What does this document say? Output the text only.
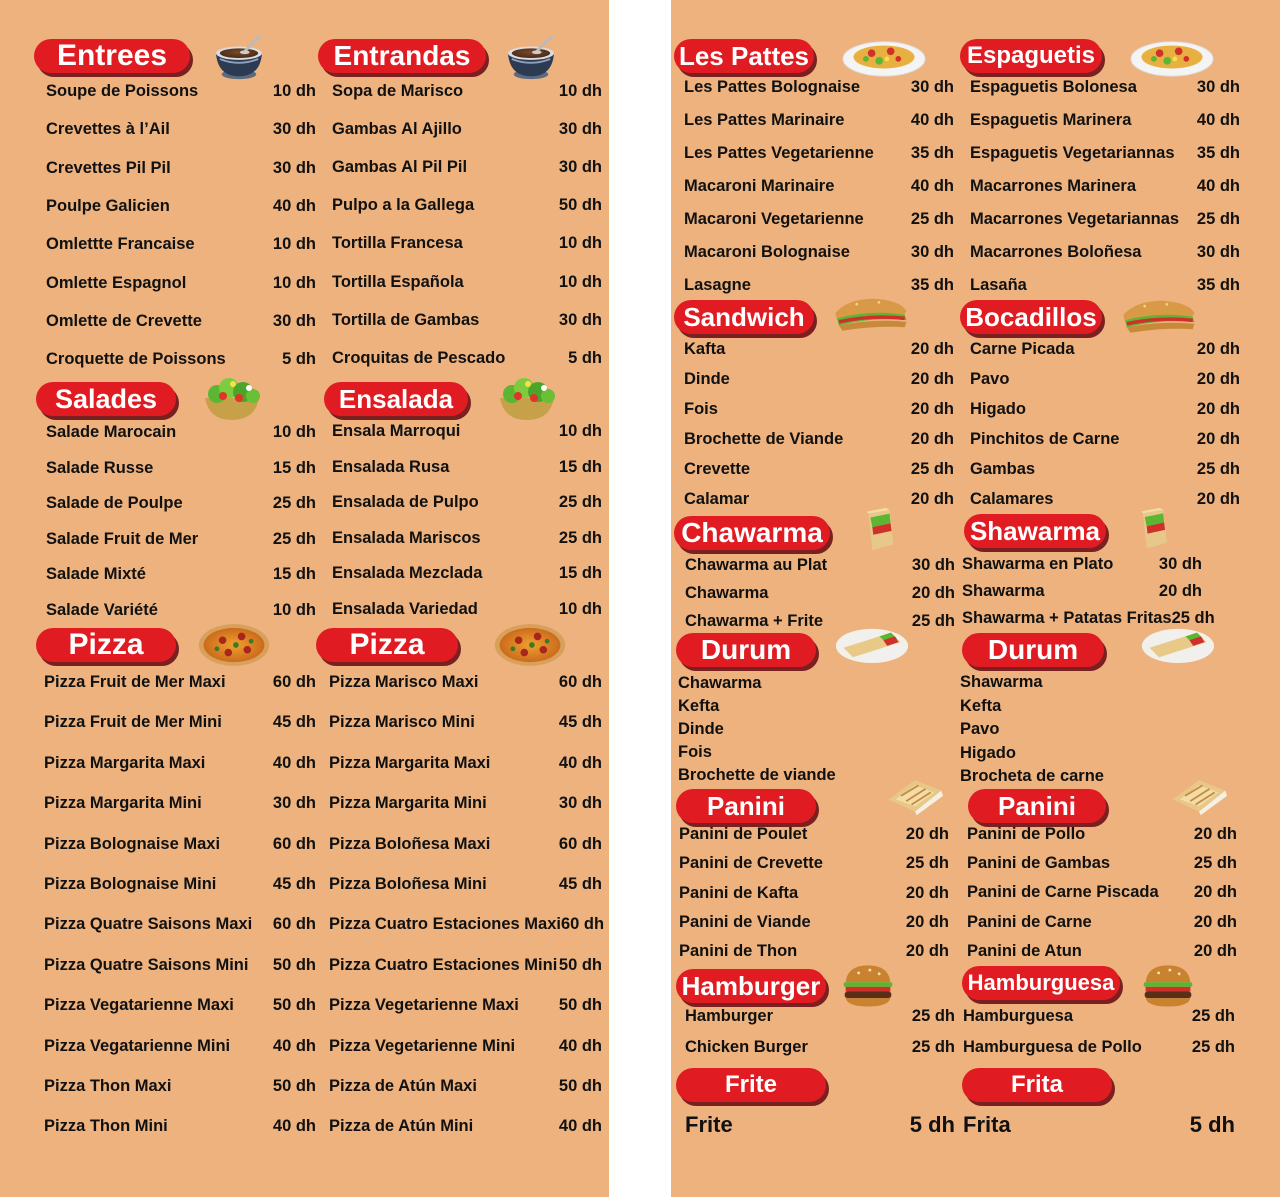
Entrees
Soupe de Poissons	10 dh
Crevettes à l’Ail	30 dh
Crevettes Pil Pil	30 dh
Poulpe Galicien	40 dh
Omlettte Francaise	10 dh
Omlette Espagnol	10 dh
Omlette de Crevette	30 dh
Croquette de Poissons	5 dh
Entrandas
Sopa de Marisco	10 dh
Gambas Al Ajillo	30 dh
Gambas Al Pil Pil	30 dh
Pulpo a la Gallega	50 dh
Tortilla Francesa	10 dh
Tortilla Española	10 dh
Tortilla de Gambas	30 dh
Croquitas de Pescado	5 dh
Salades
Salade Marocain	10 dh
Salade Russe	15 dh
Salade de Poulpe	25 dh
Salade Fruit de Mer	25 dh
Salade Mixté	15 dh
Salade Variété	10 dh
Ensalada
Ensala Marroqui	10 dh
Ensalada Rusa	15 dh
Ensalada de Pulpo	25 dh
Ensalada Mariscos	25 dh
Ensalada Mezclada	15 dh
Ensalada Variedad	10 dh
Pizza
Pizza Fruit de Mer Maxi	60 dh
Pizza Fruit de Mer Mini	45 dh
Pizza Margarita Maxi	40 dh
Pizza Margarita Mini	30 dh
Pizza Bolognaise Maxi	60 dh
Pizza Bolognaise Mini	45 dh
Pizza Quatre Saisons Maxi 60 dh
Pizza Quatre Saisons Mini 50 dh
Pizza Vegatarienne Maxi 50 dh
Pizza Vegatarienne Mini	40 dh
Pizza Thon Maxi	50 dh
Pizza Thon Mini	40 dh
Pizza
Pizza Marisco Maxi	60 dh
Pizza Marisco Mini	45 dh
Pizza Margarita Maxi	40 dh
Pizza Margarita Mini	30 dh
Pizza Boloñesa Maxi	60 dh
Pizza Boloñesa Mini	45 dh
Pizza Cuatro Estaciones Maxi 60 dh
Pizza Cuatro Estaciones Mini 50 dh
Pizza Vegetarienne Maxi 50 dh
Pizza Vegetarienne Mini	40 dh
Pizza de Atún Maxi	50 dh
Pizza de Atún Mini	40 dh
Les Pattes
Les Pattes Bolognaise	30 dh
Les Pattes Marinaire	40 dh
Les Pattes Vegetarienne 35 dh
Macaroni Marinaire	40 dh
Macaroni Vegetarienne	25 dh
Macaroni Bolognaise	30 dh
Lasagne	35 dh
Espaguetis
Espaguetis Bolonesa	30 dh
Espaguetis Marinera	40 dh
Espaguetis Vegetariannas 35 dh
Macarrones Marinera	40 dh
Macarrones Vegetariannas 25 dh
Macarrones Boloñesa	30 dh
Lasaña	35 dh
Sandwich
Kafta	20 dh
Dinde	20 dh
Fois	20 dh
Brochette de Viande	20 dh
Crevette	25 dh
Calamar	20 dh
Bocadillos
Carne Picada	20 dh
Pavo	20 dh
Higado	20 dh
Pinchitos de Carne	20 dh
Gambas	25 dh
Calamares	20 dh
Chawarma
Chawarma au Plat	30 dh
Chawarma	20 dh
Chawarma + Frite	25 dh
Shawarma
Shawarma en Plato	30 dh
Shawarma	20 dh
Shawarma + Patatas Fritas 25 dh
Durum
Chawarma
Kefta
Dinde
Fois
Brochette de viande
Durum
Shawarma
Kefta
Pavo
Higado
Brocheta de carne
Panini
Panini de Poulet	20 dh
Panini de Crevette	25 dh
Panini de Kafta	20 dh
Panini de Viande	20 dh
Panini de Thon	20 dh
Panini
Panini de Pollo	20 dh
Panini de Gambas	25 dh
Panini de Carne Piscada 20 dh
Panini de Carne	20 dh
Panini de Atun	20 dh
Hamburger
Hamburger	25 dh
Chicken Burger	25 dh
Hamburguesa
Hamburguesa	25 dh
Hamburguesa de Pollo	25 dh
Frite
Frite	5 dh
Frita
Frita	5 dh
